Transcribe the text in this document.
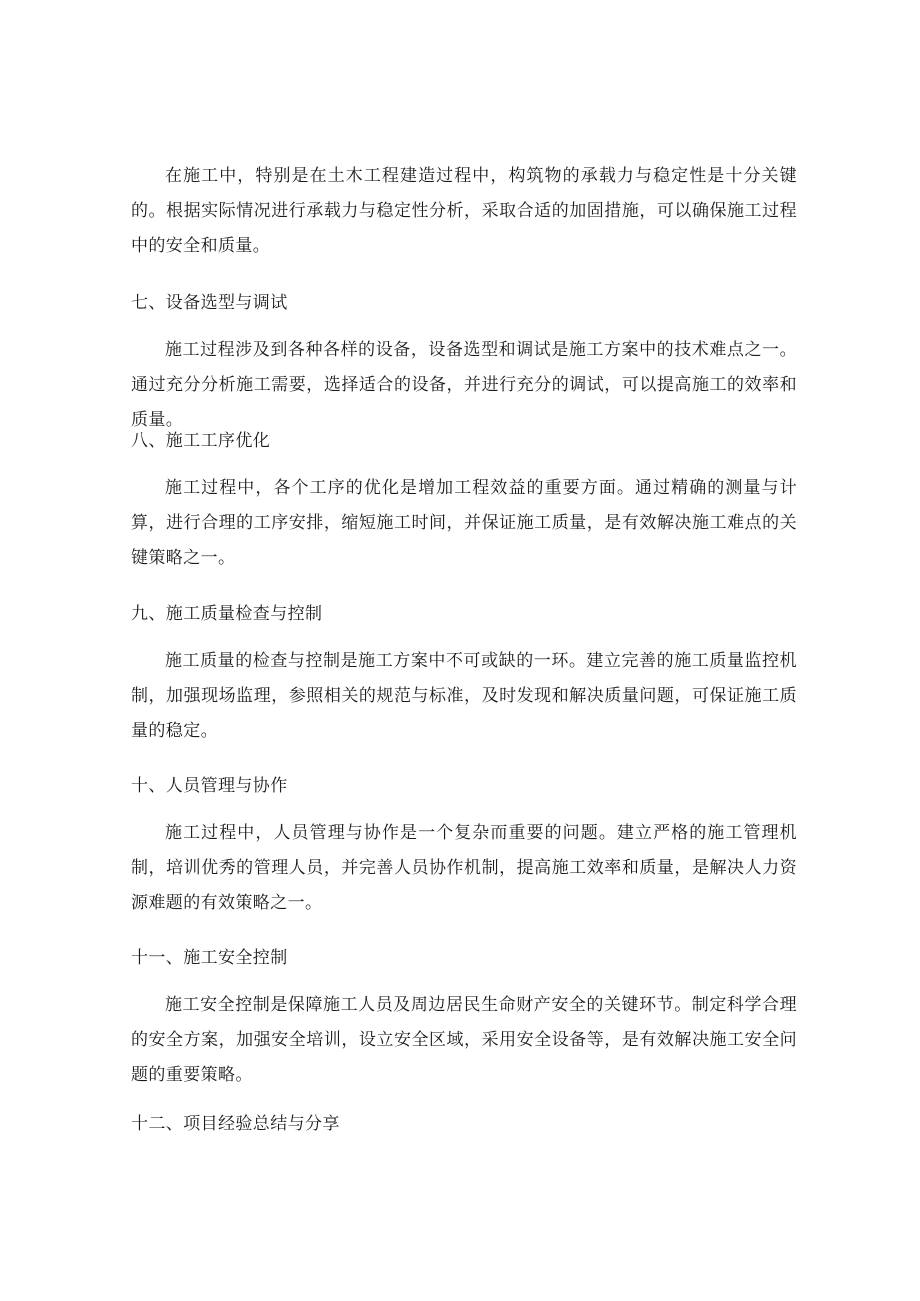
在施工中，特别是在土木工程建造过程中，构筑物的承载力与稳定性是十分关键的。根据实际情况进行承载力与稳定性分析，采取合适的加固措施，可以确保施工过程中的安全和质量。

七、设备选型与调试

施工过程涉及到各种各样的设备，设备选型和调试是施工方案中的技术难点之一。通过充分分析施工需要，选择适合的设备，并进行充分的调试，可以提高施工的效率和质量。

八、施工工序优化

施工过程中，各个工序的优化是增加工程效益的重要方面。通过精确的测量与计算，进行合理的工序安排，缩短施工时间，并保证施工质量，是有效解决施工难点的关键策略之一。

九、施工质量检查与控制

施工质量的检查与控制是施工方案中不可或缺的一环。建立完善的施工质量监控机制，加强现场监理，参照相关的规范与标准，及时发现和解决质量问题，可保证施工质量的稳定。

十、人员管理与协作

施工过程中，人员管理与协作是一个复杂而重要的问题。建立严格的施工管理机制，培训优秀的管理人员，并完善人员协作机制，提高施工效率和质量，是解决人力资源难题的有效策略之一。

十一、施工安全控制

施工安全控制是保障施工人员及周边居民生命财产安全的关键环节。制定科学合理的安全方案，加强安全培训，设立安全区域，采用安全设备等，是有效解决施工安全问题的重要策略。

十二、项目经验总结与分享
